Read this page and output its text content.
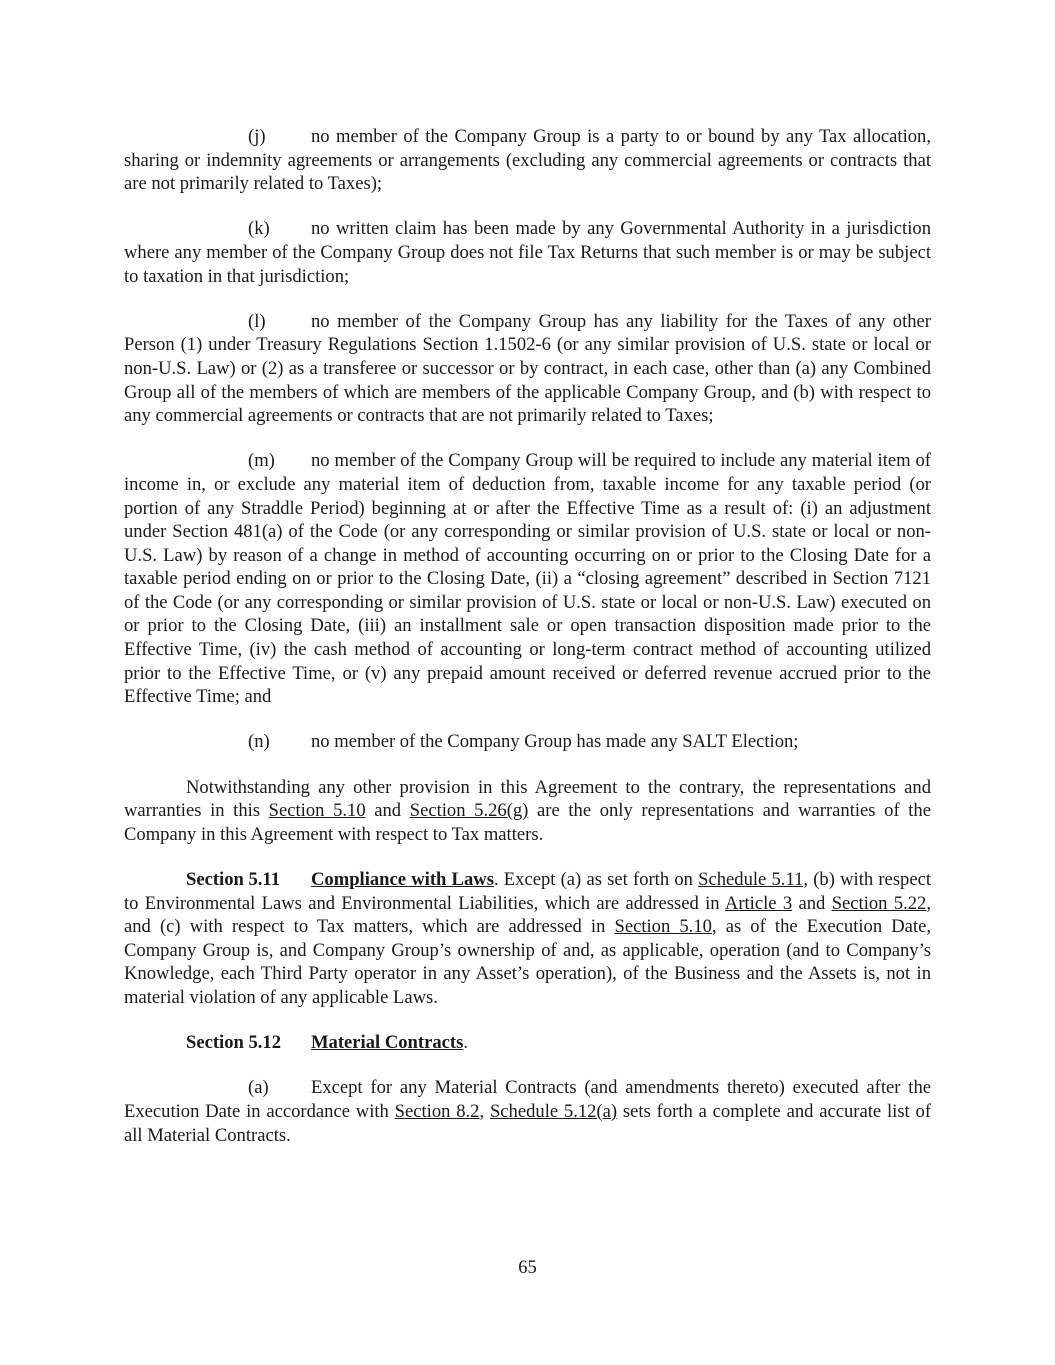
(j) no member of the Company Group is a party to or bound by any Tax allocation, sharing or indemnity agreements or arrangements (excluding any commercial agreements or contracts that are not primarily related to Taxes);

(k) no written claim has been made by any Governmental Authority in a jurisdiction where any member of the Company Group does not file Tax Returns that such member is or may be subject to taxation in that jurisdiction;

(l) no member of the Company Group has any liability for the Taxes of any other Person (1) under Treasury Regulations Section 1.1502-6 (or any similar provision of U.S. state or local or non-U.S. Law) or (2) as a transferee or successor or by contract, in each case, other than (a) any Combined Group all of the members of which are members of the applicable Company Group, and (b) with respect to any commercial agreements or contracts that are not primarily related to Taxes;

(m) no member of the Company Group will be required to include any material item of income in, or exclude any material item of deduction from, taxable income for any taxable period (or portion of any Straddle Period) beginning at or after the Effective Time as a result of: (i) an adjustment under Section 481(a) of the Code (or any corresponding or similar provision of U.S. state or local or non-U.S. Law) by reason of a change in method of accounting occurring on or prior to the Closing Date for a taxable period ending on or prior to the Closing Date, (ii) a “closing agreement” described in Section 7121 of the Code (or any corresponding or similar provision of U.S. state or local or non-U.S. Law) executed on or prior to the Closing Date, (iii) an installment sale or open transaction disposition made prior to the Effective Time, (iv) the cash method of accounting or long-term contract method of accounting utilized prior to the Effective Time, or (v) any prepaid amount received or deferred revenue accrued prior to the Effective Time; and

(n) no member of the Company Group has made any SALT Election;

Notwithstanding any other provision in this Agreement to the contrary, the representations and warranties in this Section 5.10 and Section 5.26(g) are the only representations and warranties of the Company in this Agreement with respect to Tax matters.

Section 5.11 Compliance with Laws. Except (a) as set forth on Schedule 5.11, (b) with respect to Environmental Laws and Environmental Liabilities, which are addressed in Article 3 and Section 5.22, and (c) with respect to Tax matters, which are addressed in Section 5.10, as of the Execution Date, Company Group is, and Company Group’s ownership of and, as applicable, operation (and to Company’s Knowledge, each Third Party operator in any Asset’s operation), of the Business and the Assets is, not in material violation of any applicable Laws.

Section 5.12 Material Contracts.

(a) Except for any Material Contracts (and amendments thereto) executed after the Execution Date in accordance with Section 8.2, Schedule 5.12(a) sets forth a complete and accurate list of all Material Contracts.

65
